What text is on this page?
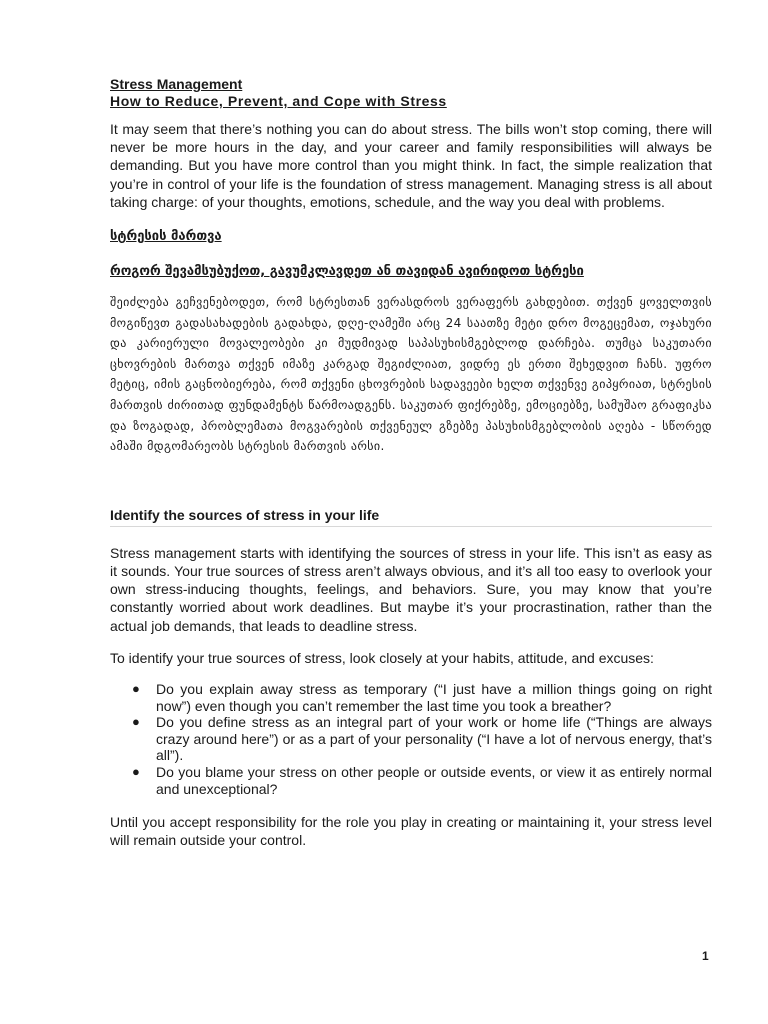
Stress Management
How to Reduce, Prevent, and Cope with Stress

It may seem that there’s nothing you can do about stress. The bills won’t stop coming, there will never be more hours in the day, and your career and family responsibilities will always be demanding. But you have more control than you might think. In fact, the simple realization that you’re in control of your life is the foundation of stress management. Managing stress is all about taking charge: of your thoughts, emotions, schedule, and the way you deal with problems.

სტრესის მართვა
როგორ შევამსუბუქოთ, გავუმკლავდეთ ან თავიდან ავირიდოთ სტრესი

შეიძლება გეჩვენებოდეთ, რომ სტრესთან ვერასდროს ვერაფერს გახდებით. თქვენ ყოველთვის მოგიწევთ გადასახადების გადახდა, დღე-ღამეში არც 24 საათზე მეტი დრო მოგეცემათ, ოჯახური და კარიერული მოვალეობები კი მუდმივად საპასუხისმგებლოდ დარჩება. თუმცა საკუთარი ცხოვრების მართვა თქვენ იმაზე კარგად შეგიძლიათ, ვიდრე ეს ერთი შეხედვით ჩანს. უფრო მეტიც, იმის გაცნობიერება, რომ თქვენი ცხოვრების სადავეები ხელთ თქვენვე გიპყრიათ, სტრესის მართვის ძირითად ფუნდამენტს წარმოადგენს. საკუთარ ფიქრებზე, ემოციებზე, სამუშაო გრაფიკსა და ზოგადად, პრობლემათა მოგვარების თქვენეულ გზებზე პასუხისმგებლობის აღება - სწორედ ამაში მდგომარეობს სტრესის მართვის არსი.

Identify the sources of stress in your life

Stress management starts with identifying the sources of stress in your life. This isn’t as easy as it sounds. Your true sources of stress aren’t always obvious, and it’s all too easy to overlook your own stress-inducing thoughts, feelings, and behaviors. Sure, you may know that you’re constantly worried about work deadlines. But maybe it’s your procrastination, rather than the actual job demands, that leads to deadline stress.

To identify your true sources of stress, look closely at your habits, attitude, and excuses:

● Do you explain away stress as temporary (“I just have a million things going on right now”) even though you can’t remember the last time you took a breather?
● Do you define stress as an integral part of your work or home life (“Things are always crazy around here”) or as a part of your personality (“I have a lot of nervous energy, that’s all”).
● Do you blame your stress on other people or outside events, or view it as entirely normal and unexceptional?

Until you accept responsibility for the role you play in creating or maintaining it, your stress level will remain outside your control.

1
